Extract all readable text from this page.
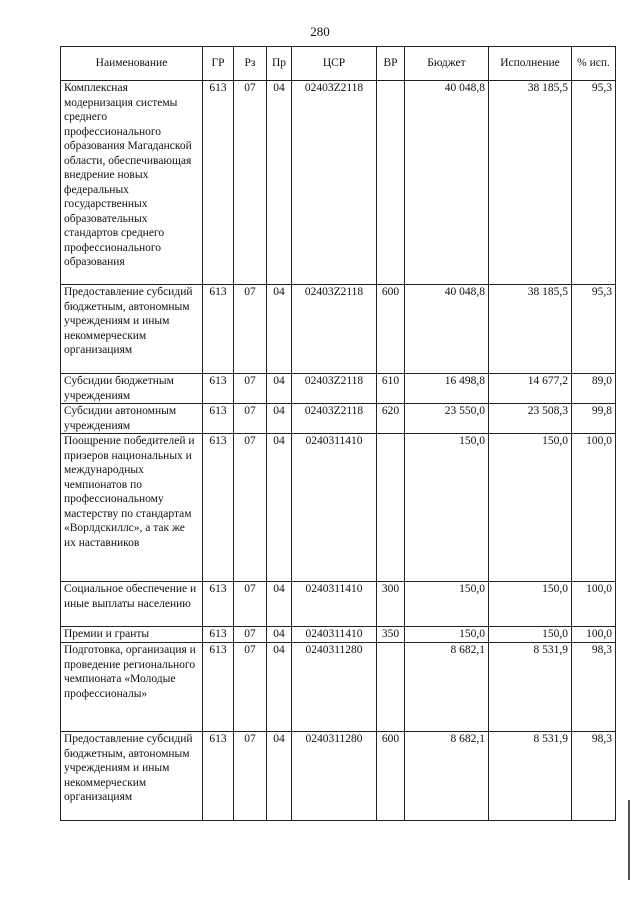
280
Наименование	ГР	Рз	Пр	ЦСР	ВР	Бюджет	Исполнение	% исп.
Комплексная модернизация системы среднего профессионального образования Магаданской области, обеспечивающая внедрение новых федеральных государственных образовательных стандартов среднего профессионального образования	613	07	04	02403Z2118		40 048,8	38 185,5	95,3
Предоставление субсидий бюджетным, автономным учреждениям и иным некоммерческим организациям	613	07	04	02403Z2118	600	40 048,8	38 185,5	95,3
Субсидии бюджетным учреждениям	613	07	04	02403Z2118	610	16 498,8	14 677,2	89,0
Субсидии автономным учреждениям	613	07	04	02403Z2118	620	23 550,0	23 508,3	99,8
Поощрение победителей и призеров национальных и международных чемпионатов по профессиональному мастерству по стандартам «Ворлдскиллс», а так же их наставников	613	07	04	0240311410		150,0	150,0	100,0
Социальное обеспечение и иные выплаты населению	613	07	04	0240311410	300	150,0	150,0	100,0
Премии и гранты	613	07	04	0240311410	350	150,0	150,0	100,0
Подготовка, организация и проведение регионального чемпионата «Молодые профессионалы»	613	07	04	0240311280		8 682,1	8 531,9	98,3
Предоставление субсидий бюджетным, автономным учреждениям и иным некоммерческим организациям	613	07	04	0240311280	600	8 682,1	8 531,9	98,3
